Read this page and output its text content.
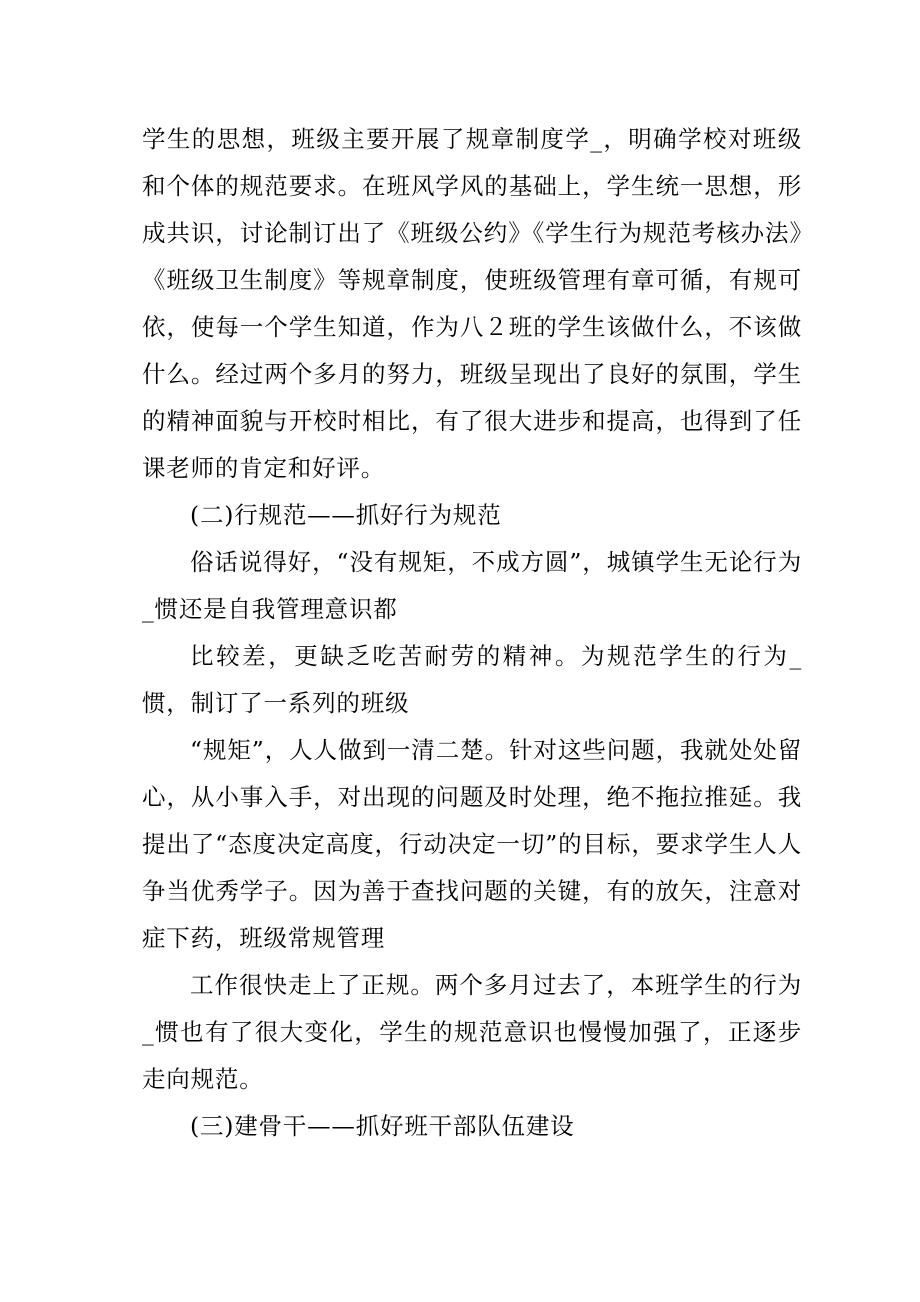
学生的思想，班级主要开展了规章制度学_，明确学校对班级和个体的规范要求。在班风学风的基础上，学生统一思想，形成共识，讨论制订出了《班级公约》《学生行为规范考核办法》《班级卫生制度》等规章制度，使班级管理有章可循，有规可依，使每一个学生知道，作为八２班的学生该做什么，不该做什么。经过两个多月的努力，班级呈现出了良好的氛围，学生的精神面貌与开校时相比，有了很大进步和提高，也得到了任课老师的肯定和好评。

(二)行规范——抓好行为规范

俗话说得好，“没有规矩，不成方圆”，城镇学生无论行为_惯还是自我管理意识都

比较差，更缺乏吃苦耐劳的精神。为规范学生的行为_惯，制订了一系列的班级

“规矩”，人人做到一清二楚。针对这些问题，我就处处留心，从小事入手，对出现的问题及时处理，绝不拖拉推延。我提出了“态度决定高度，行动决定一切”的目标，要求学生人人争当优秀学子。因为善于查找问题的关键，有的放矢，注意对症下药，班级常规管理

工作很快走上了正规。两个多月过去了，本班学生的行为_惯也有了很大变化，学生的规范意识也慢慢加强了，正逐步走向规范。

(三)建骨干——抓好班干部队伍建设
